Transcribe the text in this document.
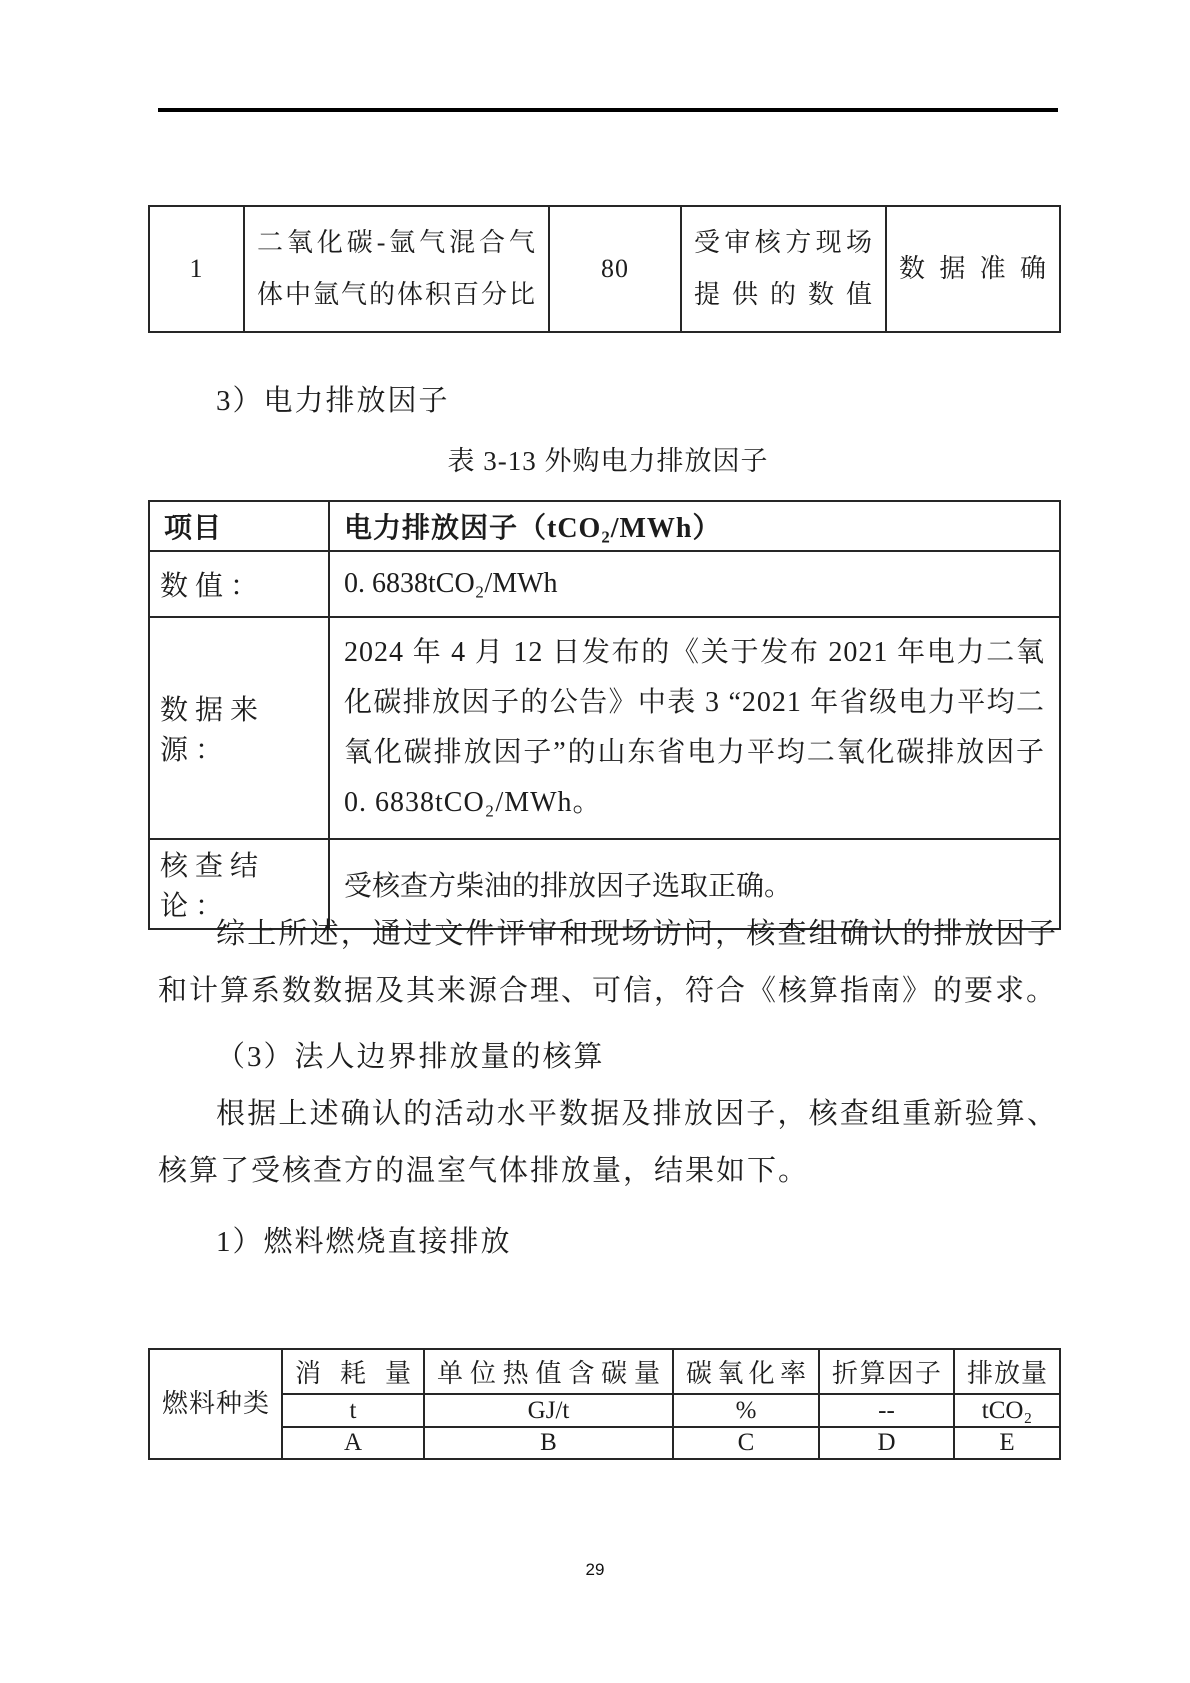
1	二氧化碳-氩气混合气体中氩气的体积百分比	80	受审核方现场提供的数值	数据准确
3）电力排放因子
表 3-13 外购电力排放因子
项目	电力排放因子（tCO₂/MWh）
数值：	0. 6838tCO₂/MWh
数据来源：	2024 年 4 月 12 日发布的《关于发布 2021 年电力二氧化碳排放因子的公告》中表 3 “2021 年省级电力平均二氧化碳排放因子”的山东省电力平均二氧化碳排放因子 0. 6838tCO₂/MWh。
核查结论：	受核查方柴油的排放因子选取正确。

综上所述，通过文件评审和现场访问，核查组确认的排放因子和计算系数数据及其来源合理、可信，符合《核算指南》的要求。

（3）法人边界排放量的核算

根据上述确认的活动水平数据及排放因子，核查组重新验算、核算了受核查方的温室气体排放量，结果如下。

1）燃料燃烧直接排放

燃料种类	消耗量	单位热值含碳量	碳氧化率	折算因子	排放量
	t	GJ/t	%	--	tCO₂
	A	B	C	D	E
29
